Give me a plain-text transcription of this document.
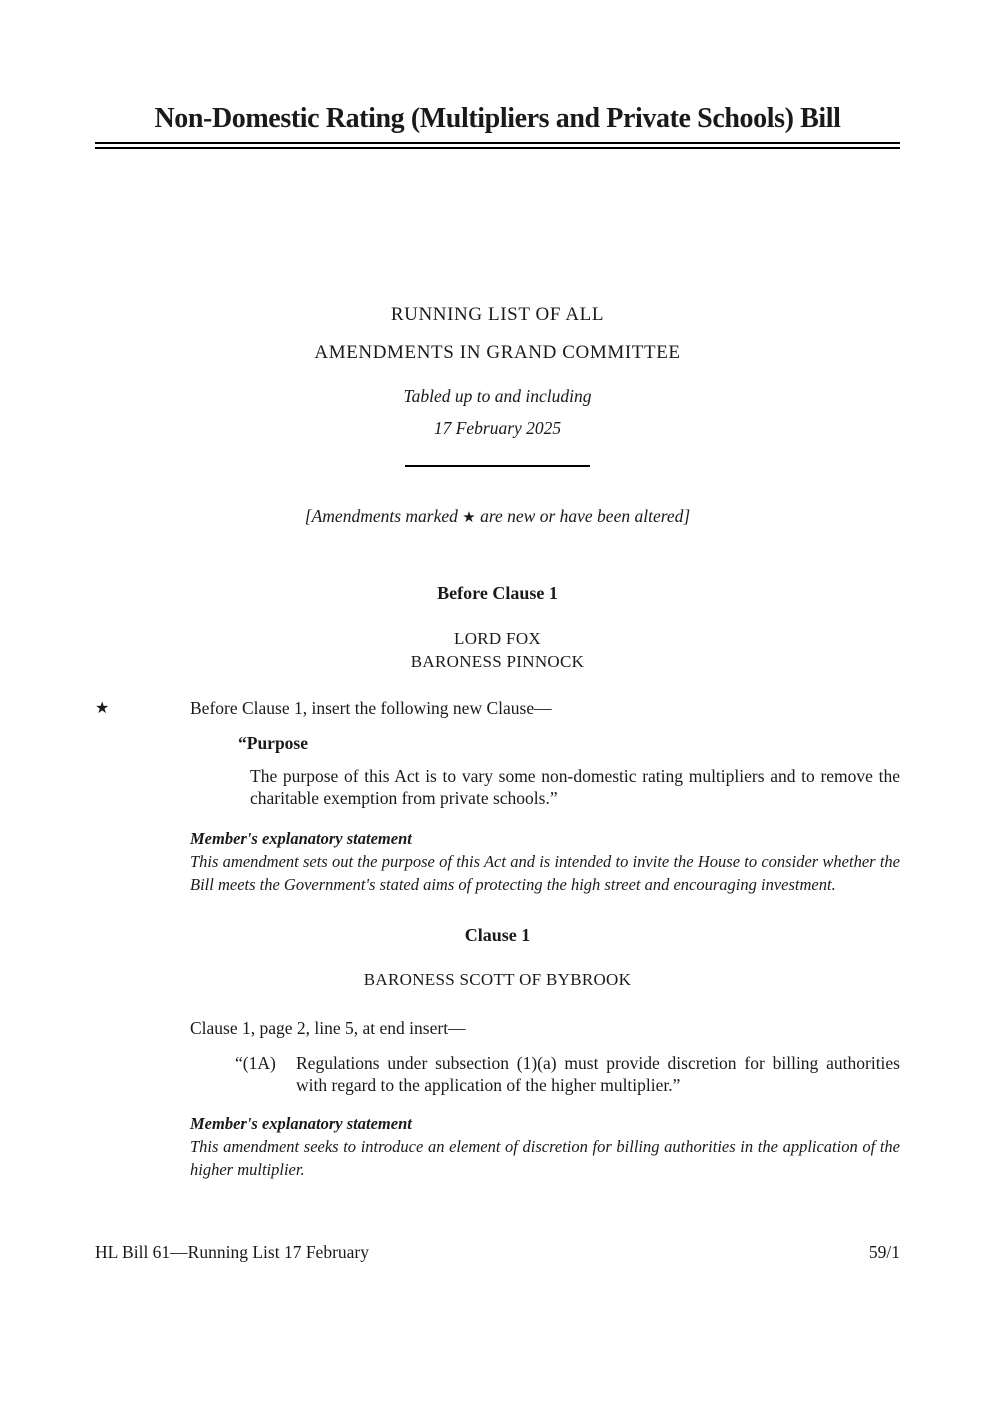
Non-Domestic Rating (Multipliers and Private Schools) Bill
RUNNING LIST OF ALL
AMENDMENTS IN GRAND COMMITTEE
Tabled up to and including
17 February 2025
[Amendments marked ★ are new or have been altered]
Before Clause 1
LORD FOX
BARONESS PINNOCK
★	Before Clause 1, insert the following new Clause—
“Purpose
The purpose of this Act is to vary some non-domestic rating multipliers and to remove the charitable exemption from private schools.”
Member's explanatory statement
This amendment sets out the purpose of this Act and is intended to invite the House to consider whether the Bill meets the Government's stated aims of protecting the high street and encouraging investment.
Clause 1
BARONESS SCOTT OF BYBROOK
Clause 1, page 2, line 5, at end insert—
“(1A)	Regulations under subsection (1)(a) must provide discretion for billing authorities with regard to the application of the higher multiplier.”
Member's explanatory statement
This amendment seeks to introduce an element of discretion for billing authorities in the application of the higher multiplier.
HL Bill 61—Running List 17 February	59/1
